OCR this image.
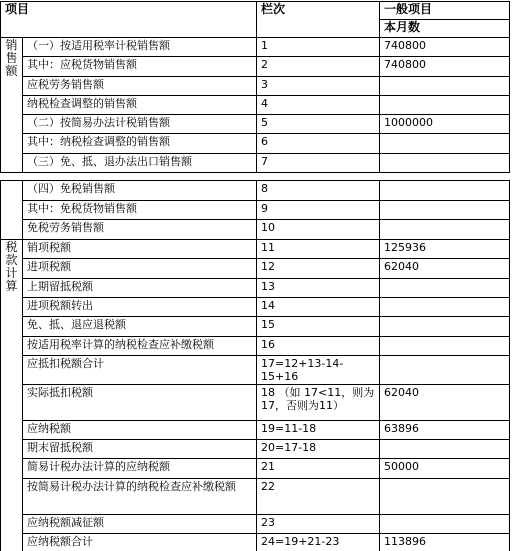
项目		栏次	一般项目
			本月数

销
售
额	（一）按适用税率计税销售额	1	740800
	其中：应税货物销售额	2	740800
	应税劳务销售额	3	
	纳税检查调整的销售额	4	
	（二）按简易办法计税销售额	5	1000000
	其中：纳税检查调整的销售额	6	
	（三）免、抵、退办法出口销售额	7	
	（四）免税销售额	8	
	其中：免税货物销售额	9	
	免税劳务销售额	10	

税
款
计
算	销项税额	11	125936
	进项税额	12	62040
	上期留抵税额	13	
	进项税额转出	14	
	免、抵、退应退税额	15	
	按适用税率计算的纳税检查应补缴税额	16	
	应抵扣税额合计	17=12+13-14-15+16	
	实际抵扣税额	18 （如 17<11，则为17，否则为11）	62040
	应纳税额	19=11-18	63896
	期末留抵税额	20=17-18	
	简易计税办法计算的应纳税额	21	50000
	按简易计税办法计算的纳税检查应补缴税额	22	
	应纳税额减征额	23	
	应纳税额合计	24=19+21-23	113896
